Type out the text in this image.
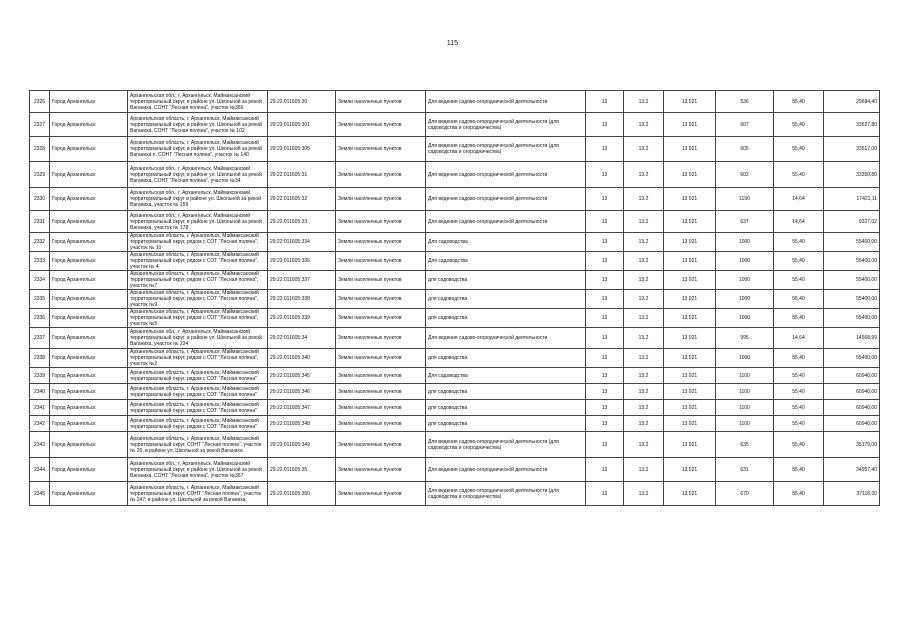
115
2326	Город Архангельск	Архангельская обл., г. Архангельск, Маймаксанский территориальный округ, в районе ул. Школьной за рекой Ваганиха, СОНТ "Лесная поляна", участок №366	29:22:011605:30	Земли населенных пунктов	Для ведения садово-огороднической деятельности	13	13.2	13 021	536	55,40	29694,40
2327	Город Архангельск	Архангельская область, г. Архангельск, Маймаксанский территориальный округ, в районе ул. Школьной за рекой Ваганиха, СОНТ "Лесная поляна", участок № 102	29:22:011605:301	Земли населенных пунктов	Для ведения садово-огороднической деятельности (для садоводства и огородничества)	13	13.2	13 021	607	55,40	33627,80
2328	Город Архангельск	Архангельская область, г. Архангельск, Маймаксанский территориальный округ, в районе ул. Школьной за рекой Ваганиха п. СОНТ "Лесная поляна", участок № 140	29:22:011605:305	Земли населенных пунктов	Для ведения садово-огороднической деятельности (для садоводства и огородничества)	13	13.2	13 021	605	55,40	33517,00
2329	Город Архангельск	Архангельская обл., г. Архангельск, Маймаксанский территориальный округ, в районе ул. Школьной за рекой Ваганиха, СОНТ "Лесная поляна", участок №34	29:22:011605:31	Земли населенных пунктов	Для ведения садово-огороднической деятельности	13	13.2	13 021	602	55,40	33350,80
2330	Город Архангельск	Архангельская обл., г. Архангельск, Маймаксанский территориальный округ в районе ул. Школьной за рекой Ваганиха, участок № 159	29:22:011605:32	Земли населенных пунктов	Для ведения садово-огороднической деятельности	13	13.2	13 021	1190	14,64	17421,11
2331	Город Архангельск	Архангельская обл., г. Архангельск, Маймаксанский территориальный округ, в районе ул. Школьной за рекой Ваганиха, участок № 178	29:22:011605:33	Земли населенных пунктов	Для ведения садово-огороднической деятельности	13	13.2	13 021	637	14,64	9327,02
2332	Город Архангельск	Архангельская область, г. Архангельск, Маймаксанский территориальный округ, рядом с СОТ "Лесная поляна", участок № 10	29:22:011605:334	Земли населенных пунктов	Для садоводства	13	13.2	13 021	1000	55,40	55400,00
2333	Город Архангельск	Архангельская область, г. Архангельск, Маймаксанский территориальный округ, рядом с СОТ "Лесная поляна", участок № 4	29:22:011605:336	Земли населенных пунктов	Для садоводства	13	13.2	13 021	1000	55,40	55400,00
2334	Город Архангельск	Архангельская область, г. Архангельск, Маймаксанский территориальный округ, рядом с СОТ "Лесная поляна", участок №7	29:22:011605:337	Земли населенных пунктов	для садоводства	13	13.2	13 021	1000	55,40	55400,00
2335	Город Архангельск	Архангельская область, г. Архангельск, Маймаксанский территориальный округ, рядом с СОТ "Лесная поляна", участок №9	29:22:011605:338	Земли населенных пунктов	для садоводства	13	13.2	13 021	1000	55,40	55400,00
2336	Город Архангельск	Архангельская область, г. Архангельск, Маймаксанский территориальный округ, рядом с СОТ "Лесная поляна", участок №5	29:22:011605:339	Земли населенных пунктов	для садоводства	13	13.2	13 021	1000	55,40	55400,00
2337	Город Архангельск	Архангельская обл., г. Архангельск, Маймаксанский территориальный округ, в районе ул. Школьной за рекой Ваганиха, участок № 234	29:22:011605:34	Земли населенных пунктов	Для ведения садово-огороднической деятельности	13	13.2	13 021	995	14,64	14568,99
2338	Город Архангельск	Архангельская область, г. Архангельск, Маймаксанский территориальный округ, рядом с СОТ "Лесная поляна", участок №2	29:22:011605:340	Земли населенных пунктов	для садоводства	13	13.2	13 021	1000	55,40	55400,00
2339	Город Архангельск	Архангельская область, г. Архангельск, Маймаксанский территориальный округ, рядом с СОТ "Лесная поляна"	29:22:011605:345	Земли населенных пунктов	Для садоводства	13	13.2	13 021	1100	55,40	60940,00
2340	Город Архангельск	Архангельская область, г. Архангельск, Маймаксанский территориальный округ, рядом с СОТ "Лесная поляна"	29:22:011605:346	Земли населенных пунктов	для садоводства	13	13.2	13 021	1100	55,40	60940,00
2341	Город Архангельск	Архангельская область, г. Архангельск, Маймаксанский территориальный округ, рядом с СОТ "Лесная поляна"	29:22:011605:347	Земли населенных пунктов	для садоводства	13	13.2	13 021	1100	55,40	60940,00
2342	Город Архангельск	Архангельская область, г. Архангельск, Маймаксанский территориальный округ, рядом с СОТ "Лесная поляна"	29:22:011605:348	Земли населенных пунктов	для садоводства	13	13.2	13 021	1100	55,40	60940,00
2343	Город Архангельск	Архангельская область, г. Архангельск, Маймаксанский территориальный округ, СОНТ "Лесная поляна", участок № 26, в районе ул. Школьной за рекой Ваганиха	29:22:011605:349	Земли населенных пунктов	Для ведения садово-огороднической деятельности (для садоводства и огородничества)	13	13.2	13 021	635	55,40	35179,00
2344	Город Архангельск	Архангельская обл., г. Архангельск, Маймаксанский территориальный округ, в районе ул. Школьной за рекой Ваганиха, СОНТ "Лесная поляна", участок №367	29:22:011605:35	Земли населенных пунктов	Для ведения садово-огороднической деятельности	13	13.2	13 021	631	55,40	34957,40
2345	Город Архангельск	Архангельская область, г. Архангельск, Маймаксанский территориальный округ, СОНТ "Лесная поляна", участок № 247, в районе ул. Школьной за рекой Ваганиха	29:22:011605:350	Земли населенных пунктов	Для ведения садово-огороднической деятельности (для садоводства и огородничества)	13	13.2	13 021	670	55,40	37118,00
